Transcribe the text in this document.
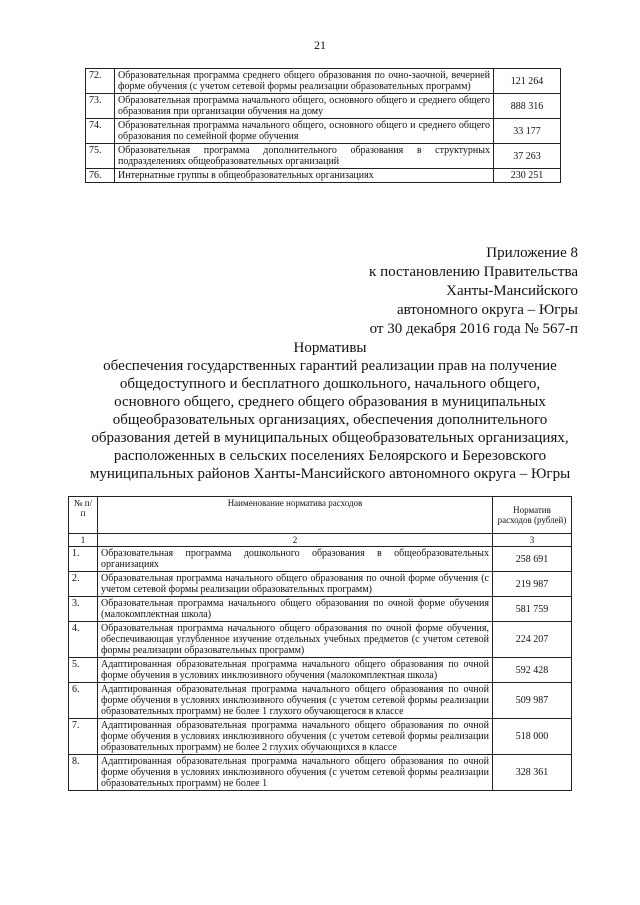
21
72.	Образовательная программа среднего общего образования по очно-заочной, вечерней форме обучения (с учетом сетевой формы реализации образовательных программ)	121 264
73.	Образовательная программа начального общего, основного общего и среднего общего образования при организации обучения на дому	888 316
74.	Образовательная программа начального общего, основного общего и среднего общего образования по семейной форме обучения	33 177
75.	Образовательная программа дополнительного образования в структурных подразделениях общеобразовательных организаций	37 263
76.	Интернатные группы в общеобразовательных организациях	230 251
Приложение 8
к постановлению Правительства
Ханты-Мансийского
автономного округа – Югры
от 30 декабря 2016 года № 567-п
Нормативы
обеспечения государственных гарантий реализации прав на получение
общедоступного и бесплатного дошкольного, начального общего,
основного общего, среднего общего образования в муниципальных
общеобразовательных организациях, обеспечения дополнительного
образования детей в муниципальных общеобразовательных организациях,
расположенных в сельских поселениях Белоярского и Березовского
муниципальных районов Ханты-Мансийского автономного округа – Югры
№ п/п	Наименование норматива расходов	Норматив расходов (рублей)
1	2	3
1.	Образовательная программа дошкольного образования в общеобразовательных организациях	258 691
2.	Образовательная программа начального общего образования по очной форме обучения (с учетом сетевой формы реализации образовательных программ)	219 987
3.	Образовательная программа начального общего образования по очной форме обучения (малокомплектная школа)	581 759
4.	Образовательная программа начального общего образования по очной форме обучения, обеспечивающая углубленное изучение отдельных учебных предметов (с учетом сетевой формы реализации образовательных программ)	224 207
5.	Адаптированная образовательная программа начального общего образования по очной форме обучения в условиях инклюзивного обучения (малокомплектная школа)	592 428
6.	Адаптированная образовательная программа начального общего образования по очной форме обучения в условиях инклюзивного обучения (с учетом сетевой формы реализации образовательных программ) не более 1 глухого обучающегося в классе	509 987
7.	Адаптированная образовательная программа начального общего образования по очной форме обучения в условиях инклюзивного обучения (с учетом сетевой формы реализации образовательных программ) не более 2 глухих обучающихся в классе	518 000
8.	Адаптированная образовательная программа начального общего образования по очной форме обучения в условиях инклюзивного обучения (с учетом сетевой формы реализации образовательных программ) не более 1	328 361
